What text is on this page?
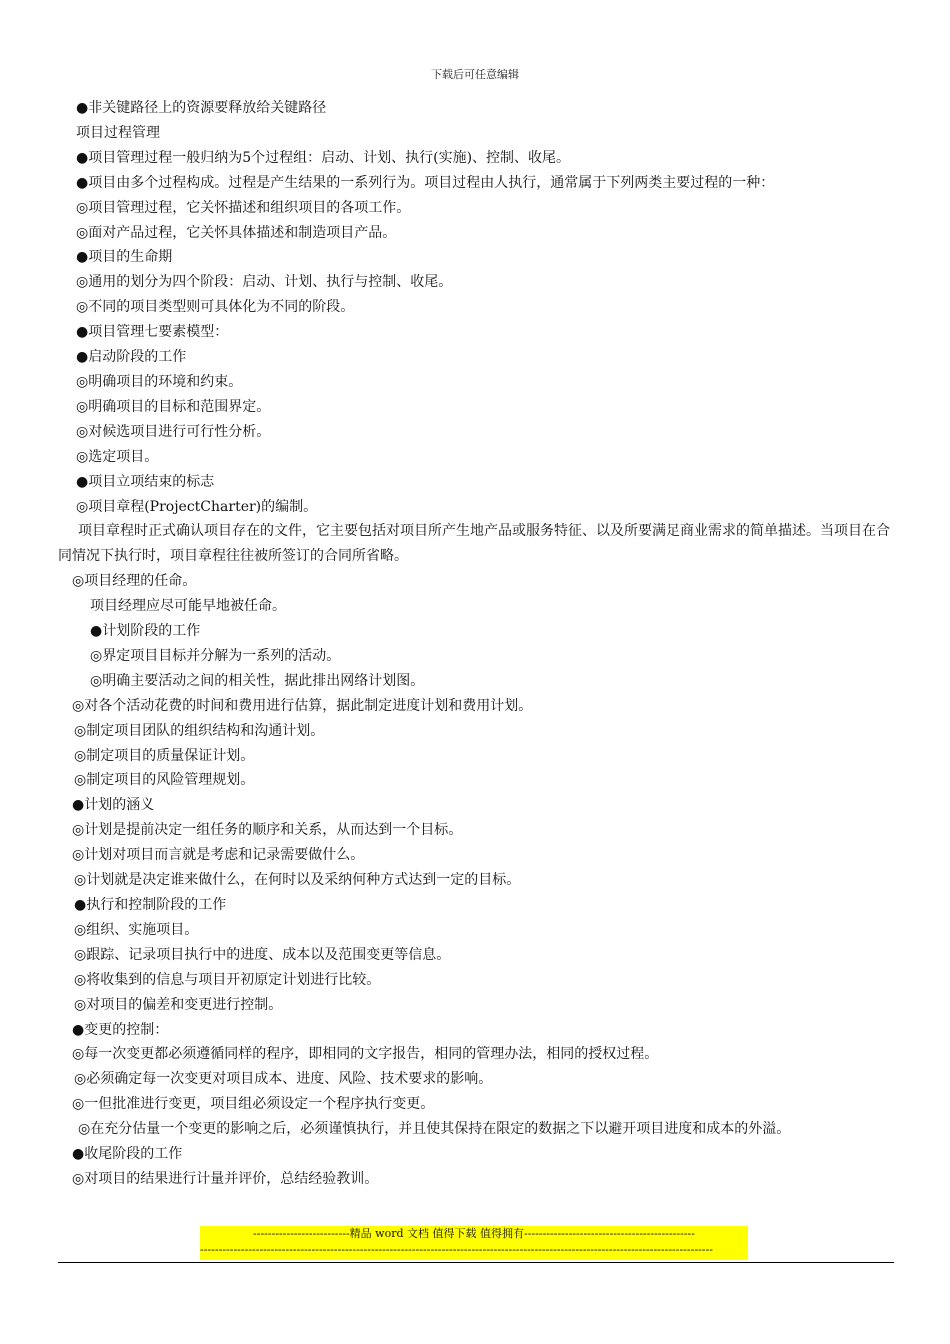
下载后可任意编辑
●非关键路径上的资源要释放给关键路径
项目过程管理
●项目管理过程一般归纳为5个过程组：启动、计划、执行(实施)、控制、收尾。
●项目由多个过程构成。过程是产生结果的一系列行为。项目过程由人执行，通常属于下列两类主要过程的一种：
◎项目管理过程，它关怀描述和组织项目的各项工作。
◎面对产品过程，它关怀具体描述和制造项目产品。
●项目的生命期
◎通用的划分为四个阶段：启动、计划、执行与控制、收尾。
◎不同的项目类型则可具体化为不同的阶段。
●项目管理七要素模型：
●启动阶段的工作
◎明确项目的环境和约束。
◎明确项目的目标和范围界定。
◎对候选项目进行可行性分析。
◎选定项目。
●项目立项结束的标志
◎项目章程(ProjectCharter)的编制。
项目章程时正式确认项目存在的文件，它主要包括对项目所产生地产品或服务特征、以及所要满足商业需求的简单描述。当项目在合同情况下执行时，项目章程往往被所签订的合同所省略。
◎项目经理的任命。
项目经理应尽可能早地被任命。
●计划阶段的工作
◎界定项目目标并分解为一系列的活动。
◎明确主要活动之间的相关性，据此排出网络计划图。
◎对各个活动花费的时间和费用进行估算，据此制定进度计划和费用计划。
◎制定项目团队的组织结构和沟通计划。
◎制定项目的质量保证计划。
◎制定项目的风险管理规划。
●计划的涵义
◎计划是提前决定一组任务的顺序和关系，从而达到一个目标。
◎计划对项目而言就是考虑和记录需要做什么。
◎计划就是决定谁来做什么，在何时以及采纳何种方式达到一定的目标。
●执行和控制阶段的工作
◎组织、实施项目。
◎跟踪、记录项目执行中的进度、成本以及范围变更等信息。
◎将收集到的信息与项目开初原定计划进行比较。
◎对项目的偏差和变更进行控制。
●变更的控制：
◎每一次变更都必须遵循同样的程序，即相同的文字报告，相同的管理办法，相同的授权过程。
◎必须确定每一次变更对项目成本、进度、风险、技术要求的影响。
◎一但批准进行变更，项目组必须设定一个程序执行变更。
◎在充分估量一个变更的影响之后，必须谨慎执行，并且使其保持在限定的数据之下以避开项目进度和成本的外溢。
●收尾阶段的工作
◎对项目的结果进行计量并评价，总结经验教训。
--------------------------精品 word 文档 值得下载 值得拥有----------------------------------------------
------------------------------------------------------------------------------------------------------------------------------------------
